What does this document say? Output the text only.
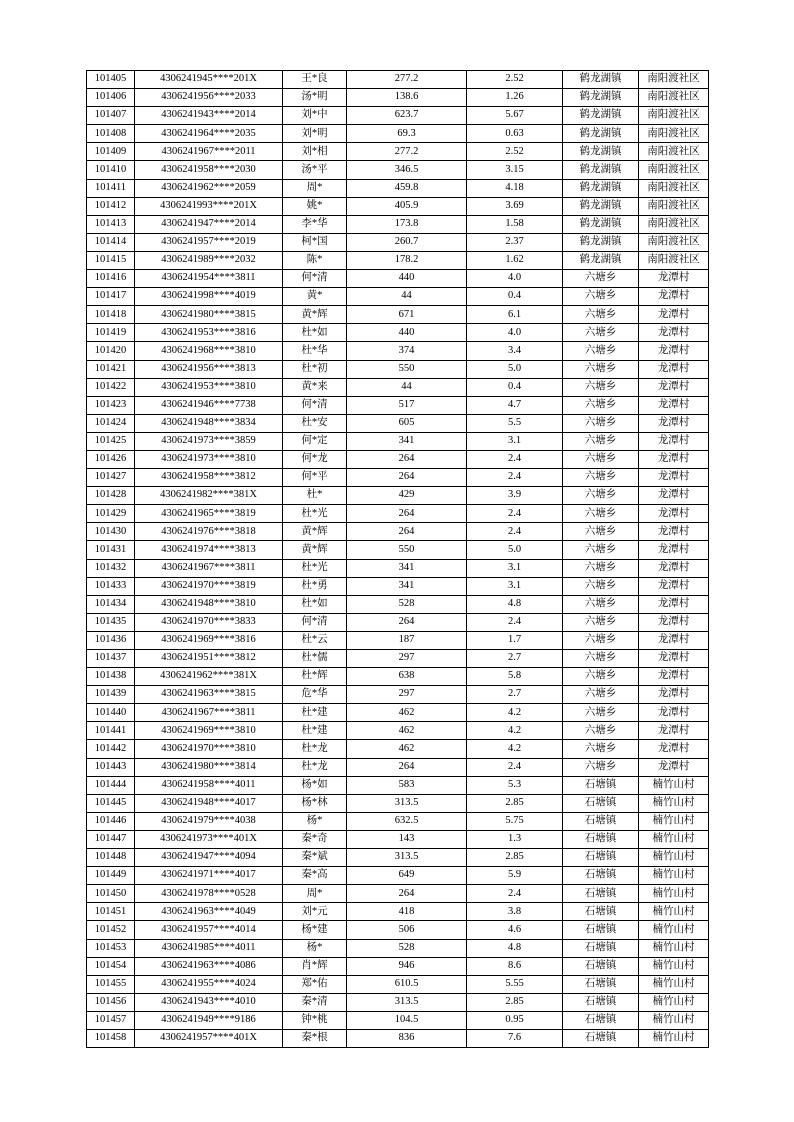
101405	4306241945****201X	王*良	277.2	2.52	鹤龙湖镇	南阳渡社区
101406	4306241956****2033	汤*明	138.6	1.26	鹤龙湖镇	南阳渡社区
101407	4306241943****2014	刘*中	623.7	5.67	鹤龙湖镇	南阳渡社区
101408	4306241964****2035	刘*明	69.3	0.63	鹤龙湖镇	南阳渡社区
101409	4306241967****2011	刘*相	277.2	2.52	鹤龙湖镇	南阳渡社区
101410	4306241958****2030	汤*平	346.5	3.15	鹤龙湖镇	南阳渡社区
101411	4306241962****2059	周*	459.8	4.18	鹤龙湖镇	南阳渡社区
101412	4306241993****201X	姚*	405.9	3.69	鹤龙湖镇	南阳渡社区
101413	4306241947****2014	李*华	173.8	1.58	鹤龙湖镇	南阳渡社区
101414	4306241957****2019	柯*国	260.7	2.37	鹤龙湖镇	南阳渡社区
101415	4306241989****2032	陈*	178.2	1.62	鹤龙湖镇	南阳渡社区
101416	4306241954****3811	何*清	440	4.0	六塘乡	龙潭村
101417	4306241998****4019	黄*	44	0.4	六塘乡	龙潭村
101418	4306241980****3815	黄*辉	671	6.1	六塘乡	龙潭村
101419	4306241953****3816	杜*如	440	4.0	六塘乡	龙潭村
101420	4306241968****3810	杜*华	374	3.4	六塘乡	龙潭村
101421	4306241956****3813	杜*初	550	5.0	六塘乡	龙潭村
101422	4306241953****3810	黄*来	44	0.4	六塘乡	龙潭村
101423	4306241946****7738	何*清	517	4.7	六塘乡	龙潭村
101424	4306241948****3834	杜*安	605	5.5	六塘乡	龙潭村
101425	4306241973****3859	何*定	341	3.1	六塘乡	龙潭村
101426	4306241973****3810	何*龙	264	2.4	六塘乡	龙潭村
101427	4306241958****3812	何*平	264	2.4	六塘乡	龙潭村
101428	4306241982****381X	杜*	429	3.9	六塘乡	龙潭村
101429	4306241965****3819	杜*光	264	2.4	六塘乡	龙潭村
101430	4306241976****3818	黄*辉	264	2.4	六塘乡	龙潭村
101431	4306241974****3813	黄*辉	550	5.0	六塘乡	龙潭村
101432	4306241967****3811	杜*光	341	3.1	六塘乡	龙潭村
101433	4306241970****3819	杜*勇	341	3.1	六塘乡	龙潭村
101434	4306241948****3810	杜*如	528	4.8	六塘乡	龙潭村
101435	4306241970****3833	何*清	264	2.4	六塘乡	龙潭村
101436	4306241969****3816	杜*云	187	1.7	六塘乡	龙潭村
101437	4306241951****3812	杜*儒	297	2.7	六塘乡	龙潭村
101438	4306241962****381X	杜*辉	638	5.8	六塘乡	龙潭村
101439	4306241963****3815	危*华	297	2.7	六塘乡	龙潭村
101440	4306241967****3811	杜*建	462	4.2	六塘乡	龙潭村
101441	4306241969****3810	杜*建	462	4.2	六塘乡	龙潭村
101442	4306241970****3810	杜*龙	462	4.2	六塘乡	龙潭村
101443	4306241980****3814	杜*龙	264	2.4	六塘乡	龙潭村
101444	4306241958****4011	杨*如	583	5.3	石塘镇	楠竹山村
101445	4306241948****4017	杨*林	313.5	2.85	石塘镇	楠竹山村
101446	4306241979****4038	杨*	632.5	5.75	石塘镇	楠竹山村
101447	4306241973****401X	秦*奇	143	1.3	石塘镇	楠竹山村
101448	4306241947****4094	秦*斌	313.5	2.85	石塘镇	楠竹山村
101449	4306241971****4017	秦*高	649	5.9	石塘镇	楠竹山村
101450	4306241978****0528	周*	264	2.4	石塘镇	楠竹山村
101451	4306241963****4049	刘*元	418	3.8	石塘镇	楠竹山村
101452	4306241957****4014	杨*建	506	4.6	石塘镇	楠竹山村
101453	4306241985****4011	杨*	528	4.8	石塘镇	楠竹山村
101454	4306241963****4086	肖*辉	946	8.6	石塘镇	楠竹山村
101455	4306241955****4024	郑*佑	610.5	5.55	石塘镇	楠竹山村
101456	4306241943****4010	秦*清	313.5	2.85	石塘镇	楠竹山村
101457	4306241949****9186	钟*桃	104.5	0.95	石塘镇	楠竹山村
101458	4306241957****401X	秦*根	836	7.6	石塘镇	楠竹山村
